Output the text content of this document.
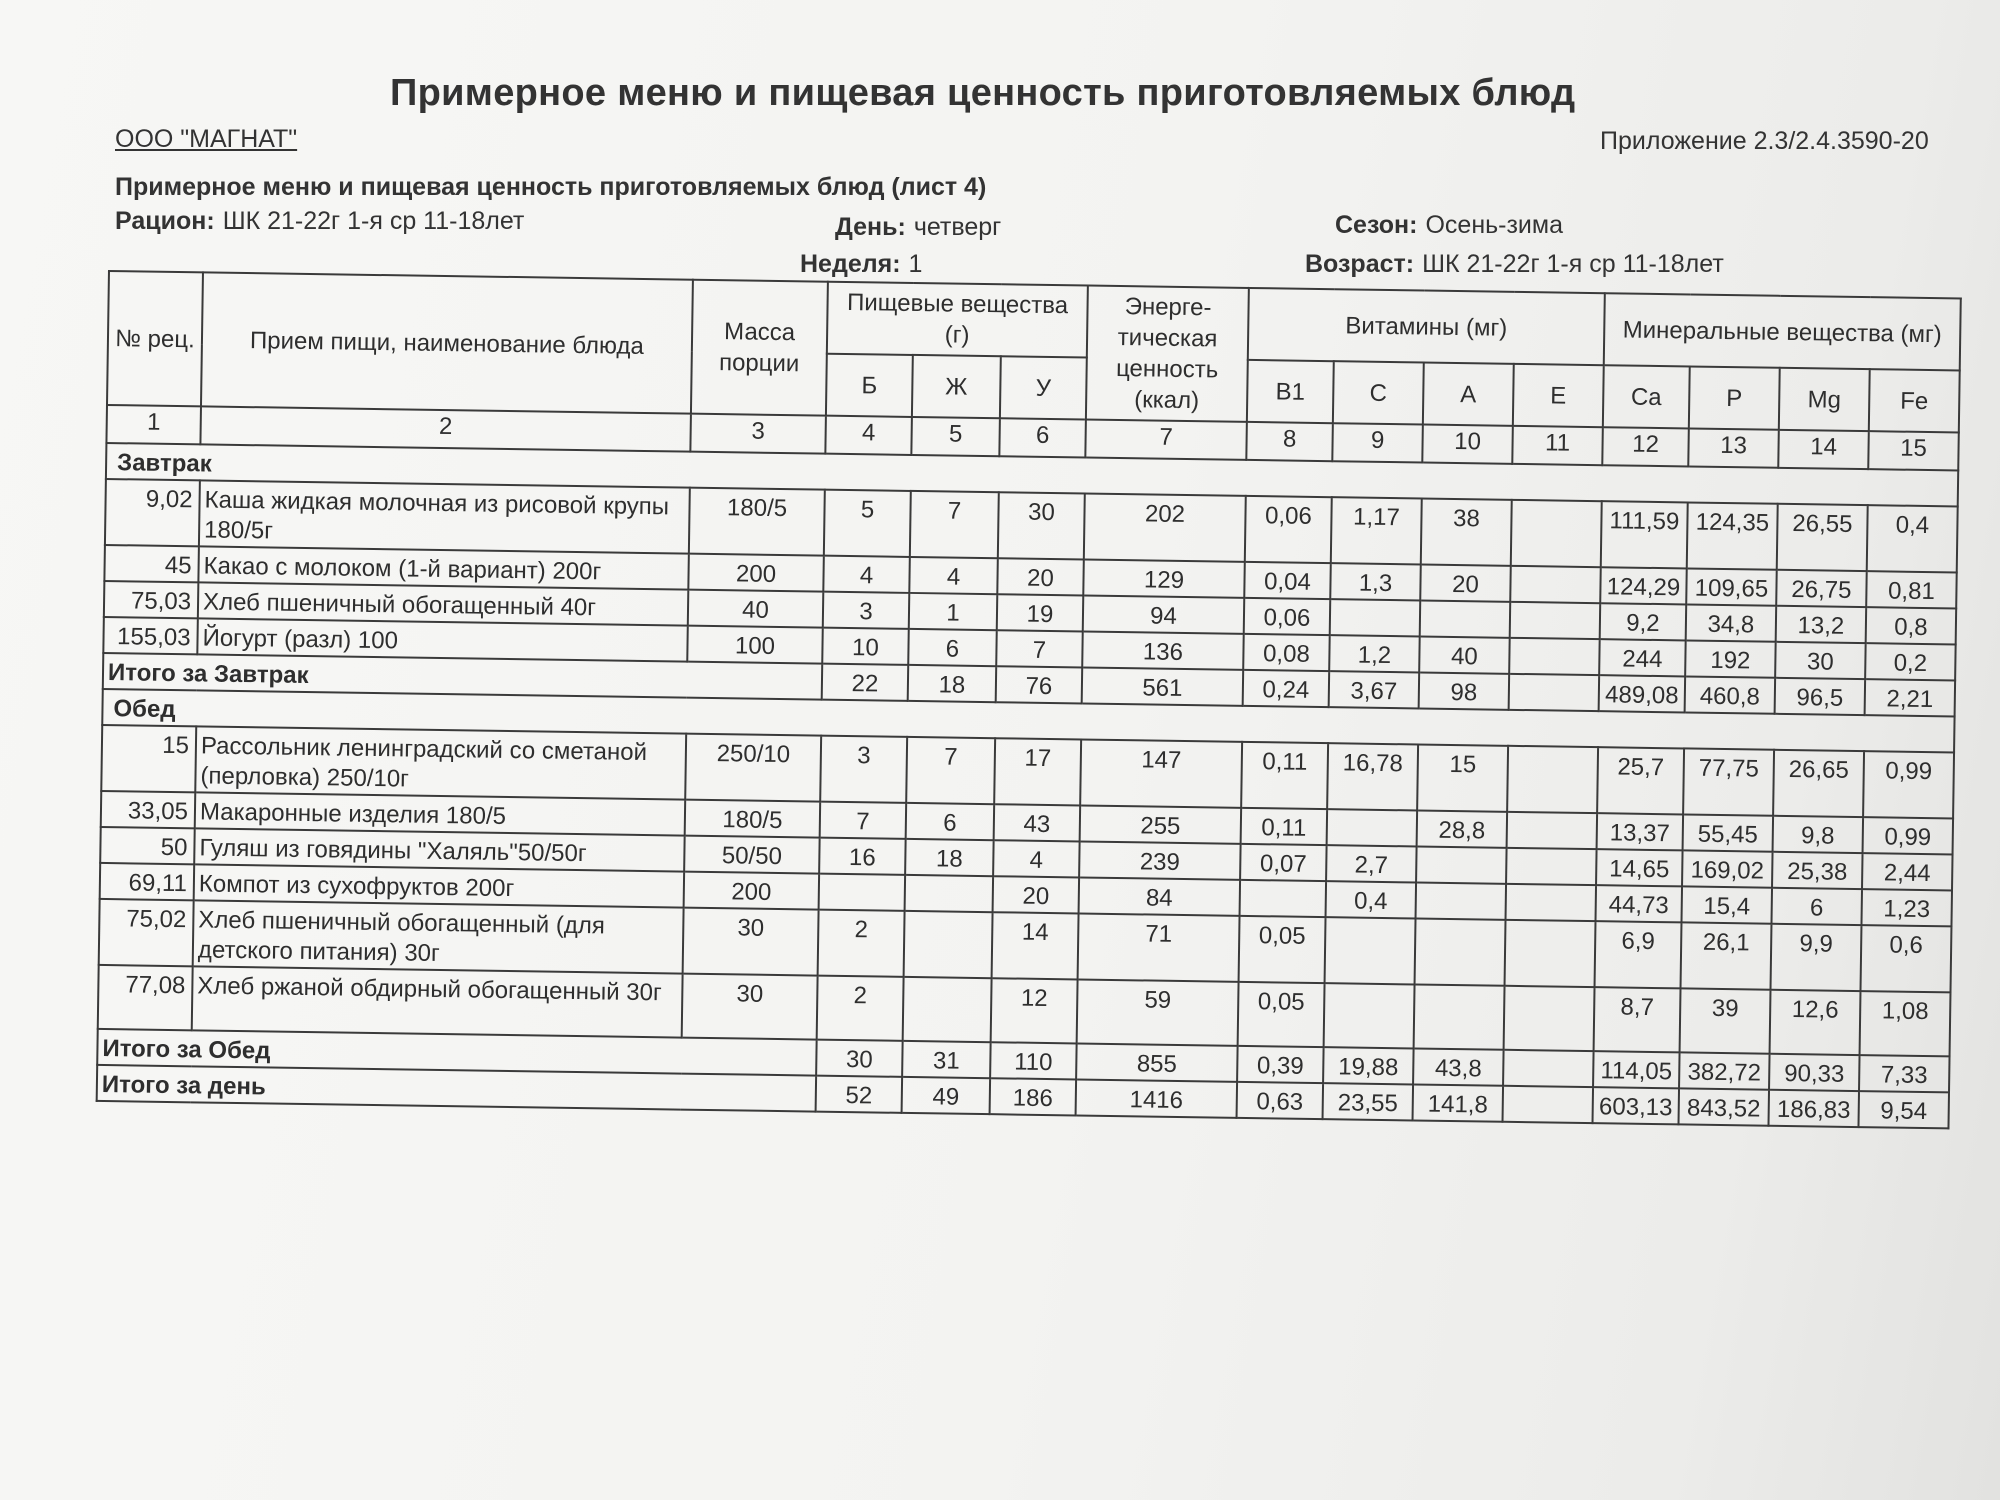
Примерное меню и пищевая ценность приготовляемых блюд
ООО "МАГНАТ"	Приложение 2.3/2.4.3590-20
Примерное меню и пищевая ценность приготовляемых блюд (лист 4)
Рацион: ШК 21-22г 1-я ср 11-18лет	День: четверг
Неделя: 1
Сезон: Осень-зима
Возраст: ШК 21-22г 1-я ср 11-18лет
№ рец.	Прием пищи, наименование блюда	Масса порции	Пищевые вещества (г)			Энерге-тическая ценность (ккал)	Витамины (мг)				Минеральные вещества (мг)			
			Б	Ж	У		В1	С	А	Е	Ca	P	Mg	Fe
1	2	3	4	5	6	7	8	9	10	11	12	13	14	15
Завтрак														
9,02	Каша жидкая молочная из рисовой крупы 180/5г	180/5	5	7	30	202	0,06	1,17	38		111,59	124,35	26,55	0,4
45	Какао с молоком (1-й вариант) 200г	200	4	4	20	129	0,04	1,3	20		124,29	109,65	26,75	0,81
75,03	Хлеб пшеничный обогащенный 40г	40	3	1	19	94	0,06				9,2	34,8	13,2	0,8
155,03	Йогурт (разл) 100	100	10	6	7	136	0,08	1,2	40		244	192	30	0,2
Итого за Завтрак			22	18	76	561	0,24	3,67	98		489,08	460,8	96,5	2,21
Обед														
15	Рассольник ленинградский со сметаной (перловка) 250/10г	250/10	3	7	17	147	0,11	16,78	15		25,7	77,75	26,65	0,99
33,05	Макаронные изделия 180/5	180/5	7	6	43	255	0,11		28,8		13,37	55,45	9,8	0,99
50	Гуляш из говядины "Халяль"50/50г	50/50	16	18	4	239	0,07	2,7			14,65	169,02	25,38	2,44
69,11	Компот из сухофруктов 200г	200			20	84		0,4			44,73	15,4	6	1,23
75,02	Хлеб пшеничный обогащенный (для детского питания) 30г	30	2		14	71	0,05				6,9	26,1	9,9	0,6
77,08	Хлеб ржаной обдирный обогащенный 30г	30	2		12	59	0,05				8,7	39	12,6	1,08
Итого за Обед			30	31	110	855	0,39	19,88	43,8		114,05	382,72	90,33	7,33
Итого за день			52	49	186	1416	0,63	23,55	141,8		603,13	843,52	186,83	9,54
